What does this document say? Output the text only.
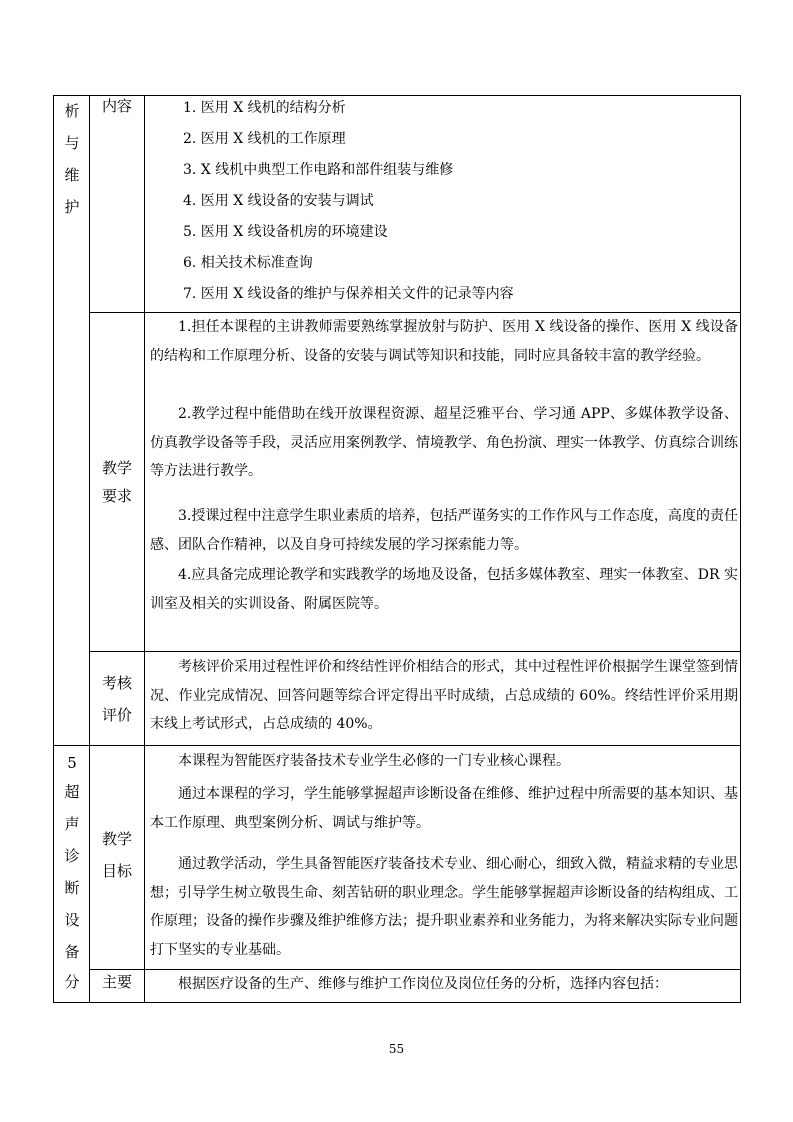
析
与
维
护
5
超
声
诊
断
设
备
分
内容
教学
要求
考核
评价
教学
目标
主要
1. 医用 X 线机的结构分析
2. 医用 X 线机的工作原理
3. X 线机中典型工作电路和部件组装与维修
4. 医用 X 线设备的安装与调试
5. 医用 X 线设备机房的环境建设
6. 相关技术标准查询
7. 医用 X 线设备的维护与保养相关文件的记录等内容
1.担任本课程的主讲教师需要熟练掌握放射与防护、医用 X 线设备的操作、医用 X 线设备的结构和工作原理分析、设备的安装与调试等知识和技能，同时应具备较丰富的教学经验。
2.教学过程中能借助在线开放课程资源、超星泛雅平台、学习通 APP、多媒体教学设备、仿真教学设备等手段，灵活应用案例教学、情境教学、角色扮演、理实一体教学、仿真综合训练等方法进行教学。
3.授课过程中注意学生职业素质的培养，包括严谨务实的工作作风与工作态度，高度的责任感、团队合作精神，以及自身可持续发展的学习探索能力等。
4.应具备完成理论教学和实践教学的场地及设备，包括多媒体教室、理实一体教室、DR 实训室及相关的实训设备、附属医院等。
考核评价采用过程性评价和终结性评价相结合的形式，其中过程性评价根据学生课堂签到情况、作业完成情况、回答问题等综合评定得出平时成绩，占总成绩的 60%。终结性评价采用期末线上考试形式，占总成绩的 40%。
本课程为智能医疗装备技术专业学生必修的一门专业核心课程。
通过本课程的学习，学生能够掌握超声诊断设备在维修、维护过程中所需要的基本知识、基本工作原理、典型案例分析、调试与维护等。
通过教学活动，学生具备智能医疗装备技术专业、细心耐心，细致入微，精益求精的专业思想；引导学生树立敬畏生命、刻苦钻研的职业理念。学生能够掌握超声诊断设备的结构组成、工作原理；设备的操作步骤及维护维修方法；提升职业素养和业务能力，为将来解决实际专业问题打下坚实的专业基础。
根据医疗设备的生产、维修与维护工作岗位及岗位任务的分析，选择内容包括：
55
